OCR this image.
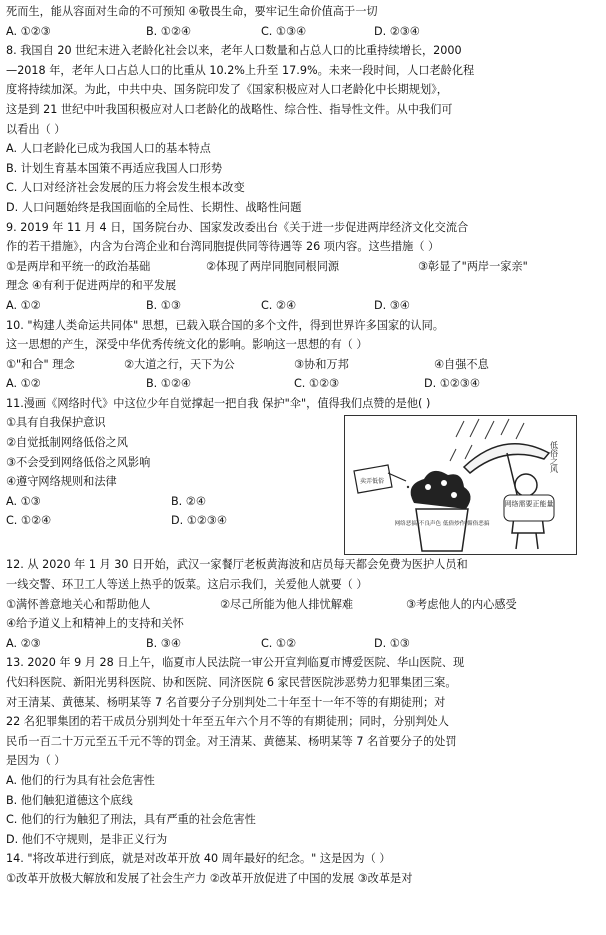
死而生，能从容面对生命的不可预知 ④敬畏生命，要牢记生命价值高于一切
A. ①②③	B. ①②④	C. ①③④	D. ②③④
8. 我国自 20 世纪末进入老龄化社会以来，老年人口数量和占总人口的比重持续增长，2000
—2018 年，老年人口占总人口的比重从 10.2%上升至 17.9%。未来一段时间，人口老龄化程
度将持续加深。为此，中共中央、国务院印发了《国家积极应对人口老龄化中长期规划》，
这是到 21 世纪中叶我国积极应对人口老龄化的战略性、综合性、指导性文件。从中我们可
以看出（ ）
A. 人口老龄化已成为我国人口的基本特点
B. 计划生育基本国策不再适应我国人口形势
C. 人口对经济社会发展的压力将会发生根本改变
D. 人口问题始终是我国面临的全局性、长期性、战略性问题
9. 2019 年 11 月 4 日，国务院台办、国家发改委出台《关于进一步促进两岸经济文化交流合
作的若干措施》，内含为台湾企业和台湾同胞提供同等待遇等 26 项内容。这些措施（ ）
①是两岸和平统一的政治基础	②体现了两岸同胞同根同源	③彰显了"两岸一家亲"
理念 ④有利于促进两岸的和平发展
A. ①②	B. ①③	C. ②④	D. ③④
10. "构建人类命运共同体" 思想，已载入联合国的多个文件，得到世界许多国家的认同。
这一思想的产生，深受中华优秀传统文化的影响。影响这一思想的有（ ）
①"和合" 理念	②大道之行，天下为公	③协和万邦	④自强不息
A. ①②	B. ①②④	C. ①②③	D. ①②③④
11.漫画《网络时代》中这位少年自觉撑起一把自我 保护"伞"，值得我们点赞的是他( )
①具有自我保护意识
②自觉抵制网络低俗之风
③不会受到网络低俗之风影响
④遵守网络规则和法律
A. ①③	B. ②④
C. ①②④	D. ①②③④
网络需要正能量
低俗之风
卖弄低俗
网络恶搞 不良声色 低俗炒作 媚俗恶搞
12. 从 2020 年 1 月 30 日开始，武汉一家餐厅老板黄海波和店员每天都会免费为医护人员和
一线交警、环卫工人等送上热乎的饭菜。这启示我们，关爱他人就要（ ）
①满怀善意地关心和帮助他人	②尽己所能为他人排忧解难	③考虑他人的内心感受
④给予道义上和精神上的支持和关怀
A. ②③	B. ③④	C. ①②	D. ①③
13. 2020 年 9 月 28 日上午，临夏市人民法院一审公开宣判临夏市博爱医院、华山医院、现
代妇科医院、新阳光男科医院、协和医院、同济医院 6 家民营医院涉恶势力犯罪集团三案。
对王清某、黄德某、杨明某等 7 名首要分子分别判处二十年至十一年不等的有期徒刑；对
22 名犯罪集团的若干成员分别判处十年至五年六个月不等的有期徒刑；同时，分别判处人
民币一百二十万元至五千元不等的罚金。对王清某、黄德某、杨明某等 7 名首要分子的处罚
是因为（ ）
A. 他们的行为具有社会危害性
B. 他们触犯道德这个底线
C. 他们的行为触犯了刑法，具有严重的社会危害性
D. 他们不守规则，是非正义行为
14. "将改革进行到底，就是对改革开放 40 周年最好的纪念。" 这是因为（ ）
①改革开放极大解放和发展了社会生产力 ②改革开放促进了中国的发展 ③改革是对
